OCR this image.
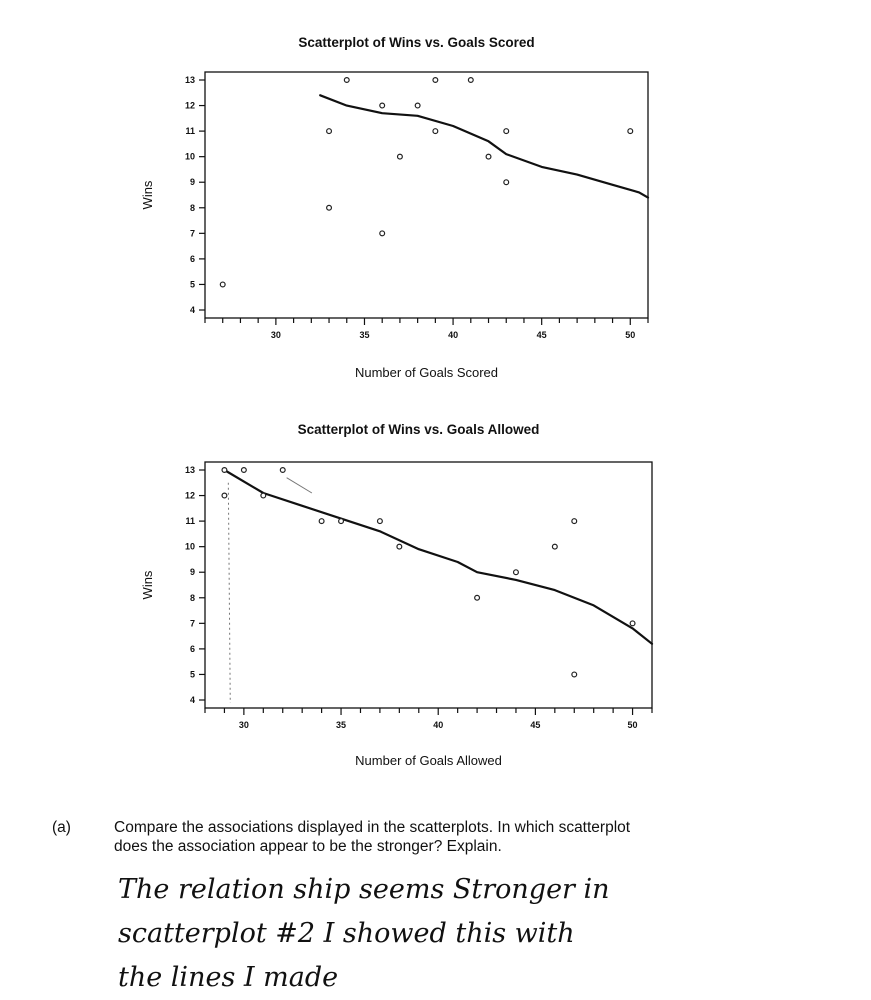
Scatterplot of Wins vs. Goals Scored
4
5
6
7
8
9
10
11
12
13
30	35	40	45	50
Number of Goals Scored
Wins
Scatterplot of Wins vs. Goals Allowed
4
5
6
7
8
9
10
11
12
13
30	35	40	45	50
Number of Goals Allowed
Wins
(a)	Compare the associations displayed in the scatterplots. In which scatterplot
does the association appear to be the stronger? Explain.
The relation ship seems Stronger in
scatterplot #2 I showed this with
the lines I made
